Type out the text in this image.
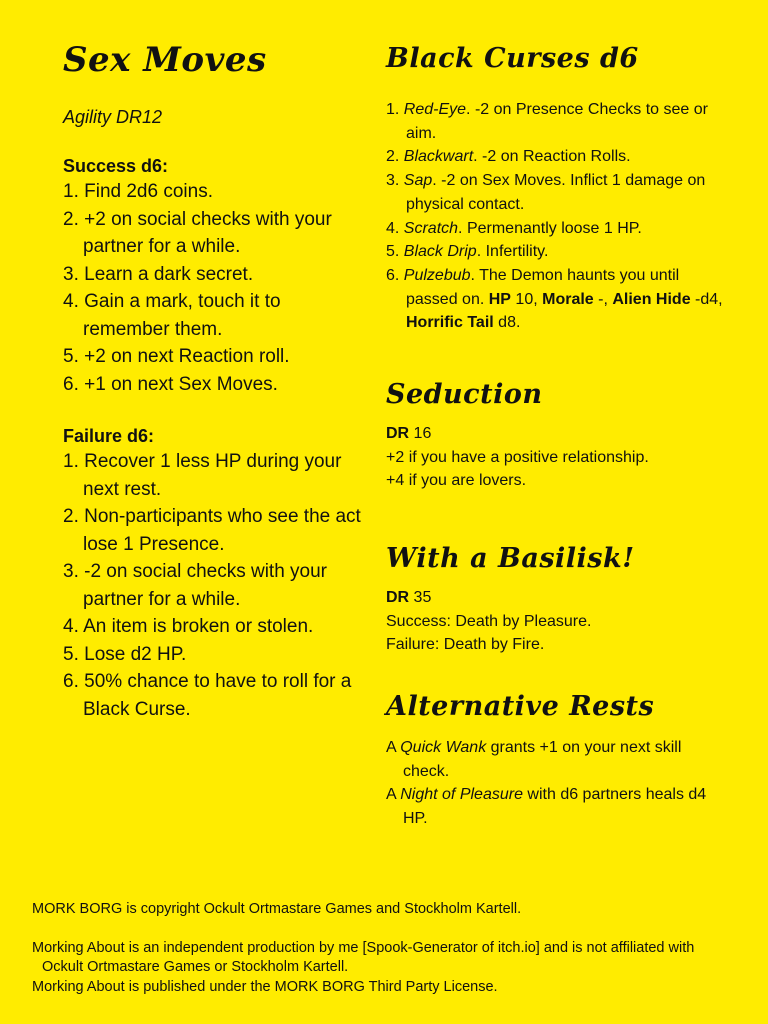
Sex Moves
Agility DR12

Success d6:

1. Find 2d6 coins.
2. +2 on social checks with your partner for a while.
3. Learn a dark secret.
4. Gain a mark, touch it to remember them.
5. +2 on next Reaction roll.
6. +1 on next Sex Moves.

Failure d6:

1. Recover 1 less HP during your next rest.
2. Non-participants who see the act lose 1 Presence.
3. -2 on social checks with your partner for a while.
4. An item is broken or stolen.
5. Lose d2 HP.
6. 50% chance to have to roll for a Black Curse.
Black Curses d6
1. Red-Eye. -2 on Presence Checks to see or aim.
2. Blackwart. -2 on Reaction Rolls.
3. Sap. -2 on Sex Moves. Inflict 1 damage on physical contact.
4. Scratch. Permenantly loose 1 HP.
5. Black Drip. Infertility.
6. Pulzebub. The Demon haunts you until passed on. HP 10, Morale -, Alien Hide -d4, Horrific Tail d8.
Seduction

DR 16

+2 if you have a positive relationship.

+4 if you are lovers.

With a Basilisk!

DR 35

Success: Death by Pleasure.

Failure: Death by Fire.

Alternative Rests

A Quick Wank grants +1 on your next skill check.

A Night of Pleasure with d6 partners heals d4 HP.

MORK BORG is copyright Ockult Ortmastare Games and Stockholm Kartell.

Morking About is an independent production by me [Spook-Generator of itch.io] and is not affiliated with Ockult Ortmastare Games or Stockholm Kartell.

Morking About is published under the MORK BORG Third Party License.
